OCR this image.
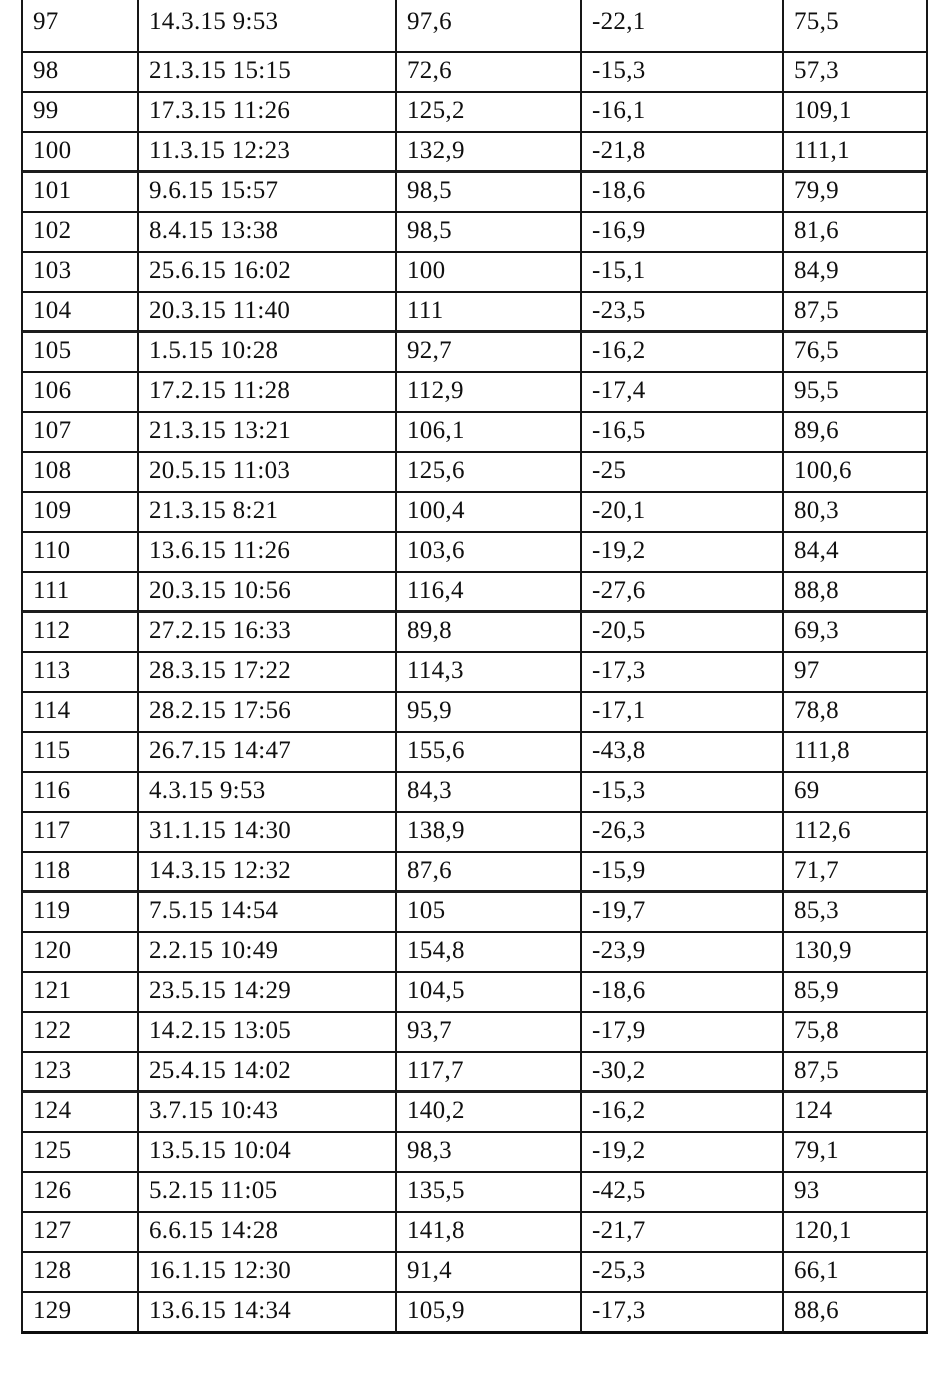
97	14.3.15 9:53	97,6	-22,1	75,5
98	21.3.15 15:15	72,6	-15,3	57,3
99	17.3.15 11:26	125,2	-16,1	109,1
100	11.3.15 12:23	132,9	-21,8	111,1
101	9.6.15 15:57	98,5	-18,6	79,9
102	8.4.15 13:38	98,5	-16,9	81,6
103	25.6.15 16:02	100	-15,1	84,9
104	20.3.15 11:40	111	-23,5	87,5
105	1.5.15 10:28	92,7	-16,2	76,5
106	17.2.15 11:28	112,9	-17,4	95,5
107	21.3.15 13:21	106,1	-16,5	89,6
108	20.5.15 11:03	125,6	-25	100,6
109	21.3.15 8:21	100,4	-20,1	80,3
110	13.6.15 11:26	103,6	-19,2	84,4
111	20.3.15 10:56	116,4	-27,6	88,8
112	27.2.15 16:33	89,8	-20,5	69,3
113	28.3.15 17:22	114,3	-17,3	97
114	28.2.15 17:56	95,9	-17,1	78,8
115	26.7.15 14:47	155,6	-43,8	111,8
116	4.3.15 9:53	84,3	-15,3	69
117	31.1.15 14:30	138,9	-26,3	112,6
118	14.3.15 12:32	87,6	-15,9	71,7
119	7.5.15 14:54	105	-19,7	85,3
120	2.2.15 10:49	154,8	-23,9	130,9
121	23.5.15 14:29	104,5	-18,6	85,9
122	14.2.15 13:05	93,7	-17,9	75,8
123	25.4.15 14:02	117,7	-30,2	87,5
124	3.7.15 10:43	140,2	-16,2	124
125	13.5.15 10:04	98,3	-19,2	79,1
126	5.2.15 11:05	135,5	-42,5	93
127	6.6.15 14:28	141,8	-21,7	120,1
128	16.1.15 12:30	91,4	-25,3	66,1
129	13.6.15 14:34	105,9	-17,3	88,6
